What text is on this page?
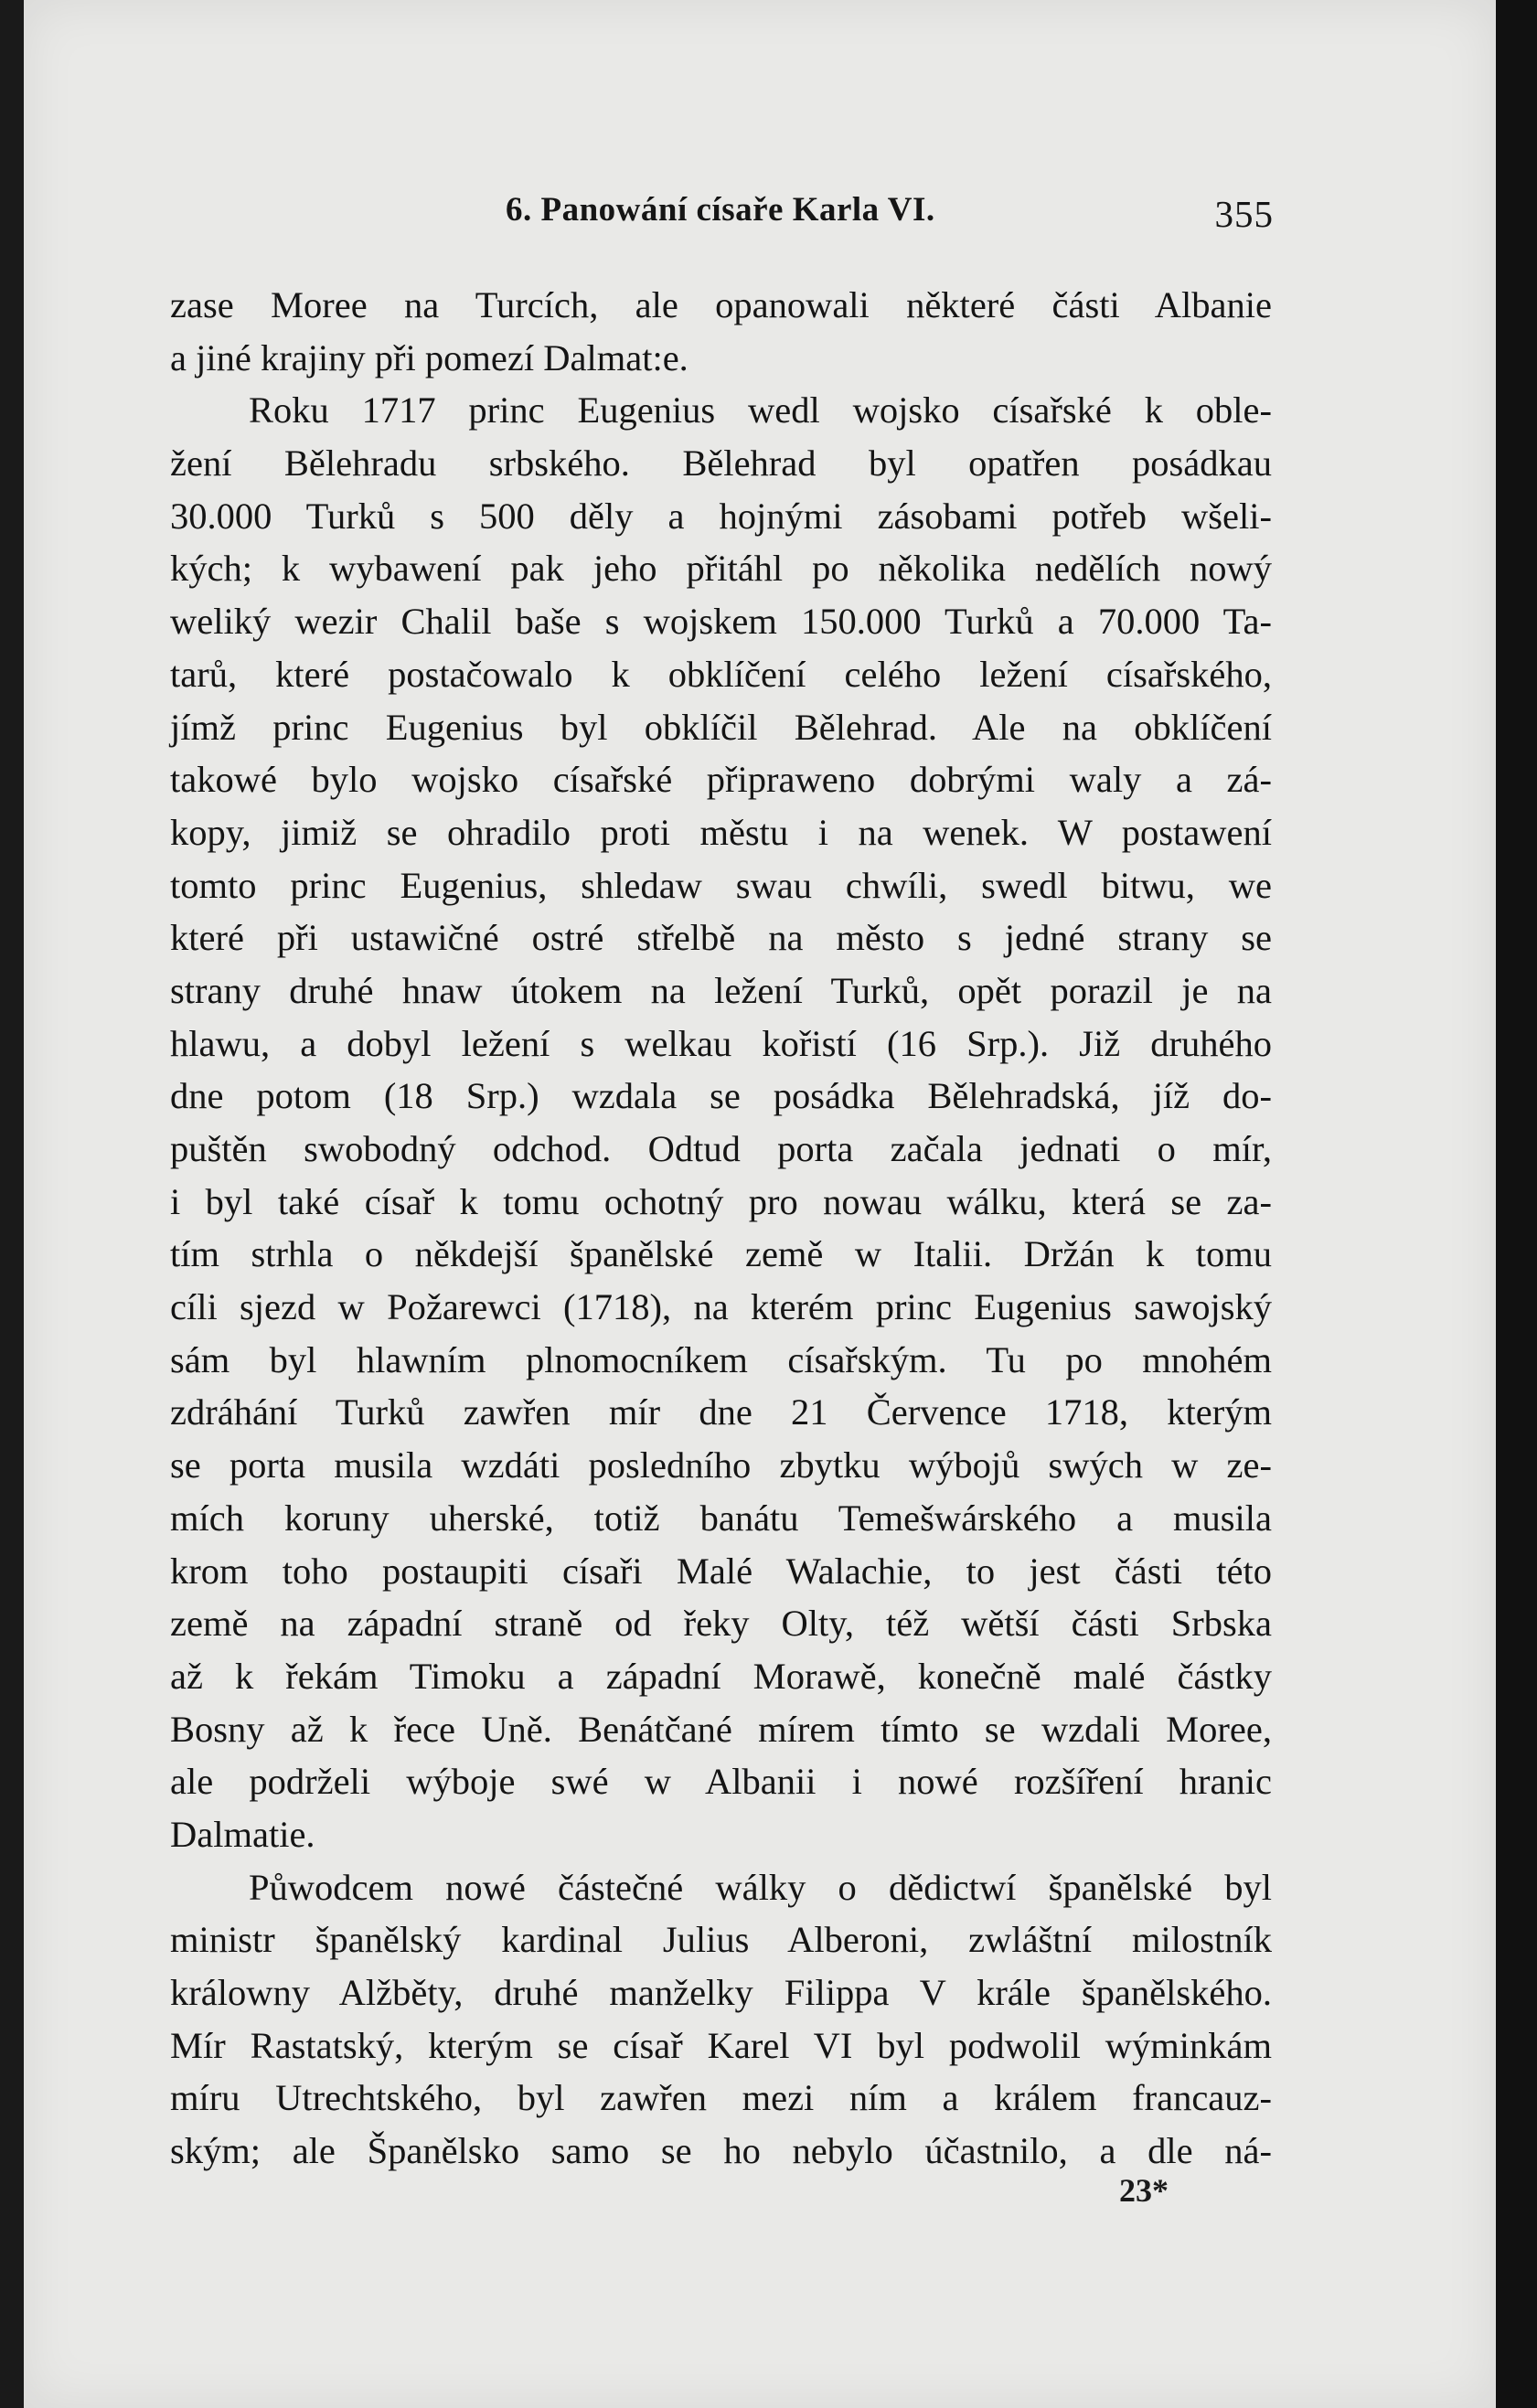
6. Panowání císaře Karla VI.	355
zase Moree na Turcích, ale opanowali některé části Albanie
a jiné krajiny při pomezí Dalmat:e.
Roku 1717 princ Eugenius wedl wojsko císařské k oble-
žení Bělehradu srbského. Bělehrad byl opatřen posádkau
30.000 Turků s 500 děly a hojnými zásobami potřeb wšeli-
kých; k wybawení pak jeho přitáhl po několika nedělích nowý
weliký wezir Chalil baše s wojskem 150.000 Turků a 70.000 Ta-
tarů, které postačowalo k obklíčení celého ležení císařského,
jímž princ Eugenius byl obklíčil Bělehrad. Ale na obklíčení
takowé bylo wojsko císařské připraweno dobrými waly a zá-
kopy, jimiž se ohradilo proti městu i na wenek. W postawení
tomto princ Eugenius, shledaw swau chwíli, swedl bitwu, we
které při ustawičné ostré střelbě na město s jedné strany se
strany druhé hnaw útokem na ležení Turků, opět porazil je na
hlawu, a dobyl ležení s welkau kořistí (16 Srp.). Již druhého
dne potom (18 Srp.) wzdala se posádka Bělehradská, jíž do-
puštěn swobodný odchod. Odtud porta začala jednati o mír,
i byl také císař k tomu ochotný pro nowau wálku, která se za-
tím strhla o někdejší španělské země w Italii. Držán k tomu
cíli sjezd w Požarewci (1718), na kterém princ Eugenius sawojský
sám byl hlawním plnomocníkem císařským. Tu po mnohém
zdráhání Turků zawřen mír dne 21 Července 1718, kterým
se porta musila wzdáti posledního zbytku wýbojů swých w ze-
mích koruny uherské, totiž banátu Temešwárského a musila
krom toho postaupiti císaři Malé Walachie, to jest části této
země na západní straně od řeky Olty, též wětší části Srbska
až k řekám Timoku a západní Morawě, konečně malé částky
Bosny až k řece Uně. Benátčané mírem tímto se wzdali Moree,
ale podrželi wýboje swé w Albanii i nowé rozšíření hranic
Dalmatie.
Půwodcem nowé částečné wálky o dědictwí španělské byl
ministr španělský kardinal Julius Alberoni, zwláštní milostník
králowny Alžběty, druhé manželky Filippa V krále španělského.
Mír Rastatský, kterým se císař Karel VI byl podwolil wýminkám
míru Utrechtského, byl zawřen mezi ním a králem francauz-
ským; ale Španělsko samo se ho nebylo účastnilo, a dle ná-
23*
